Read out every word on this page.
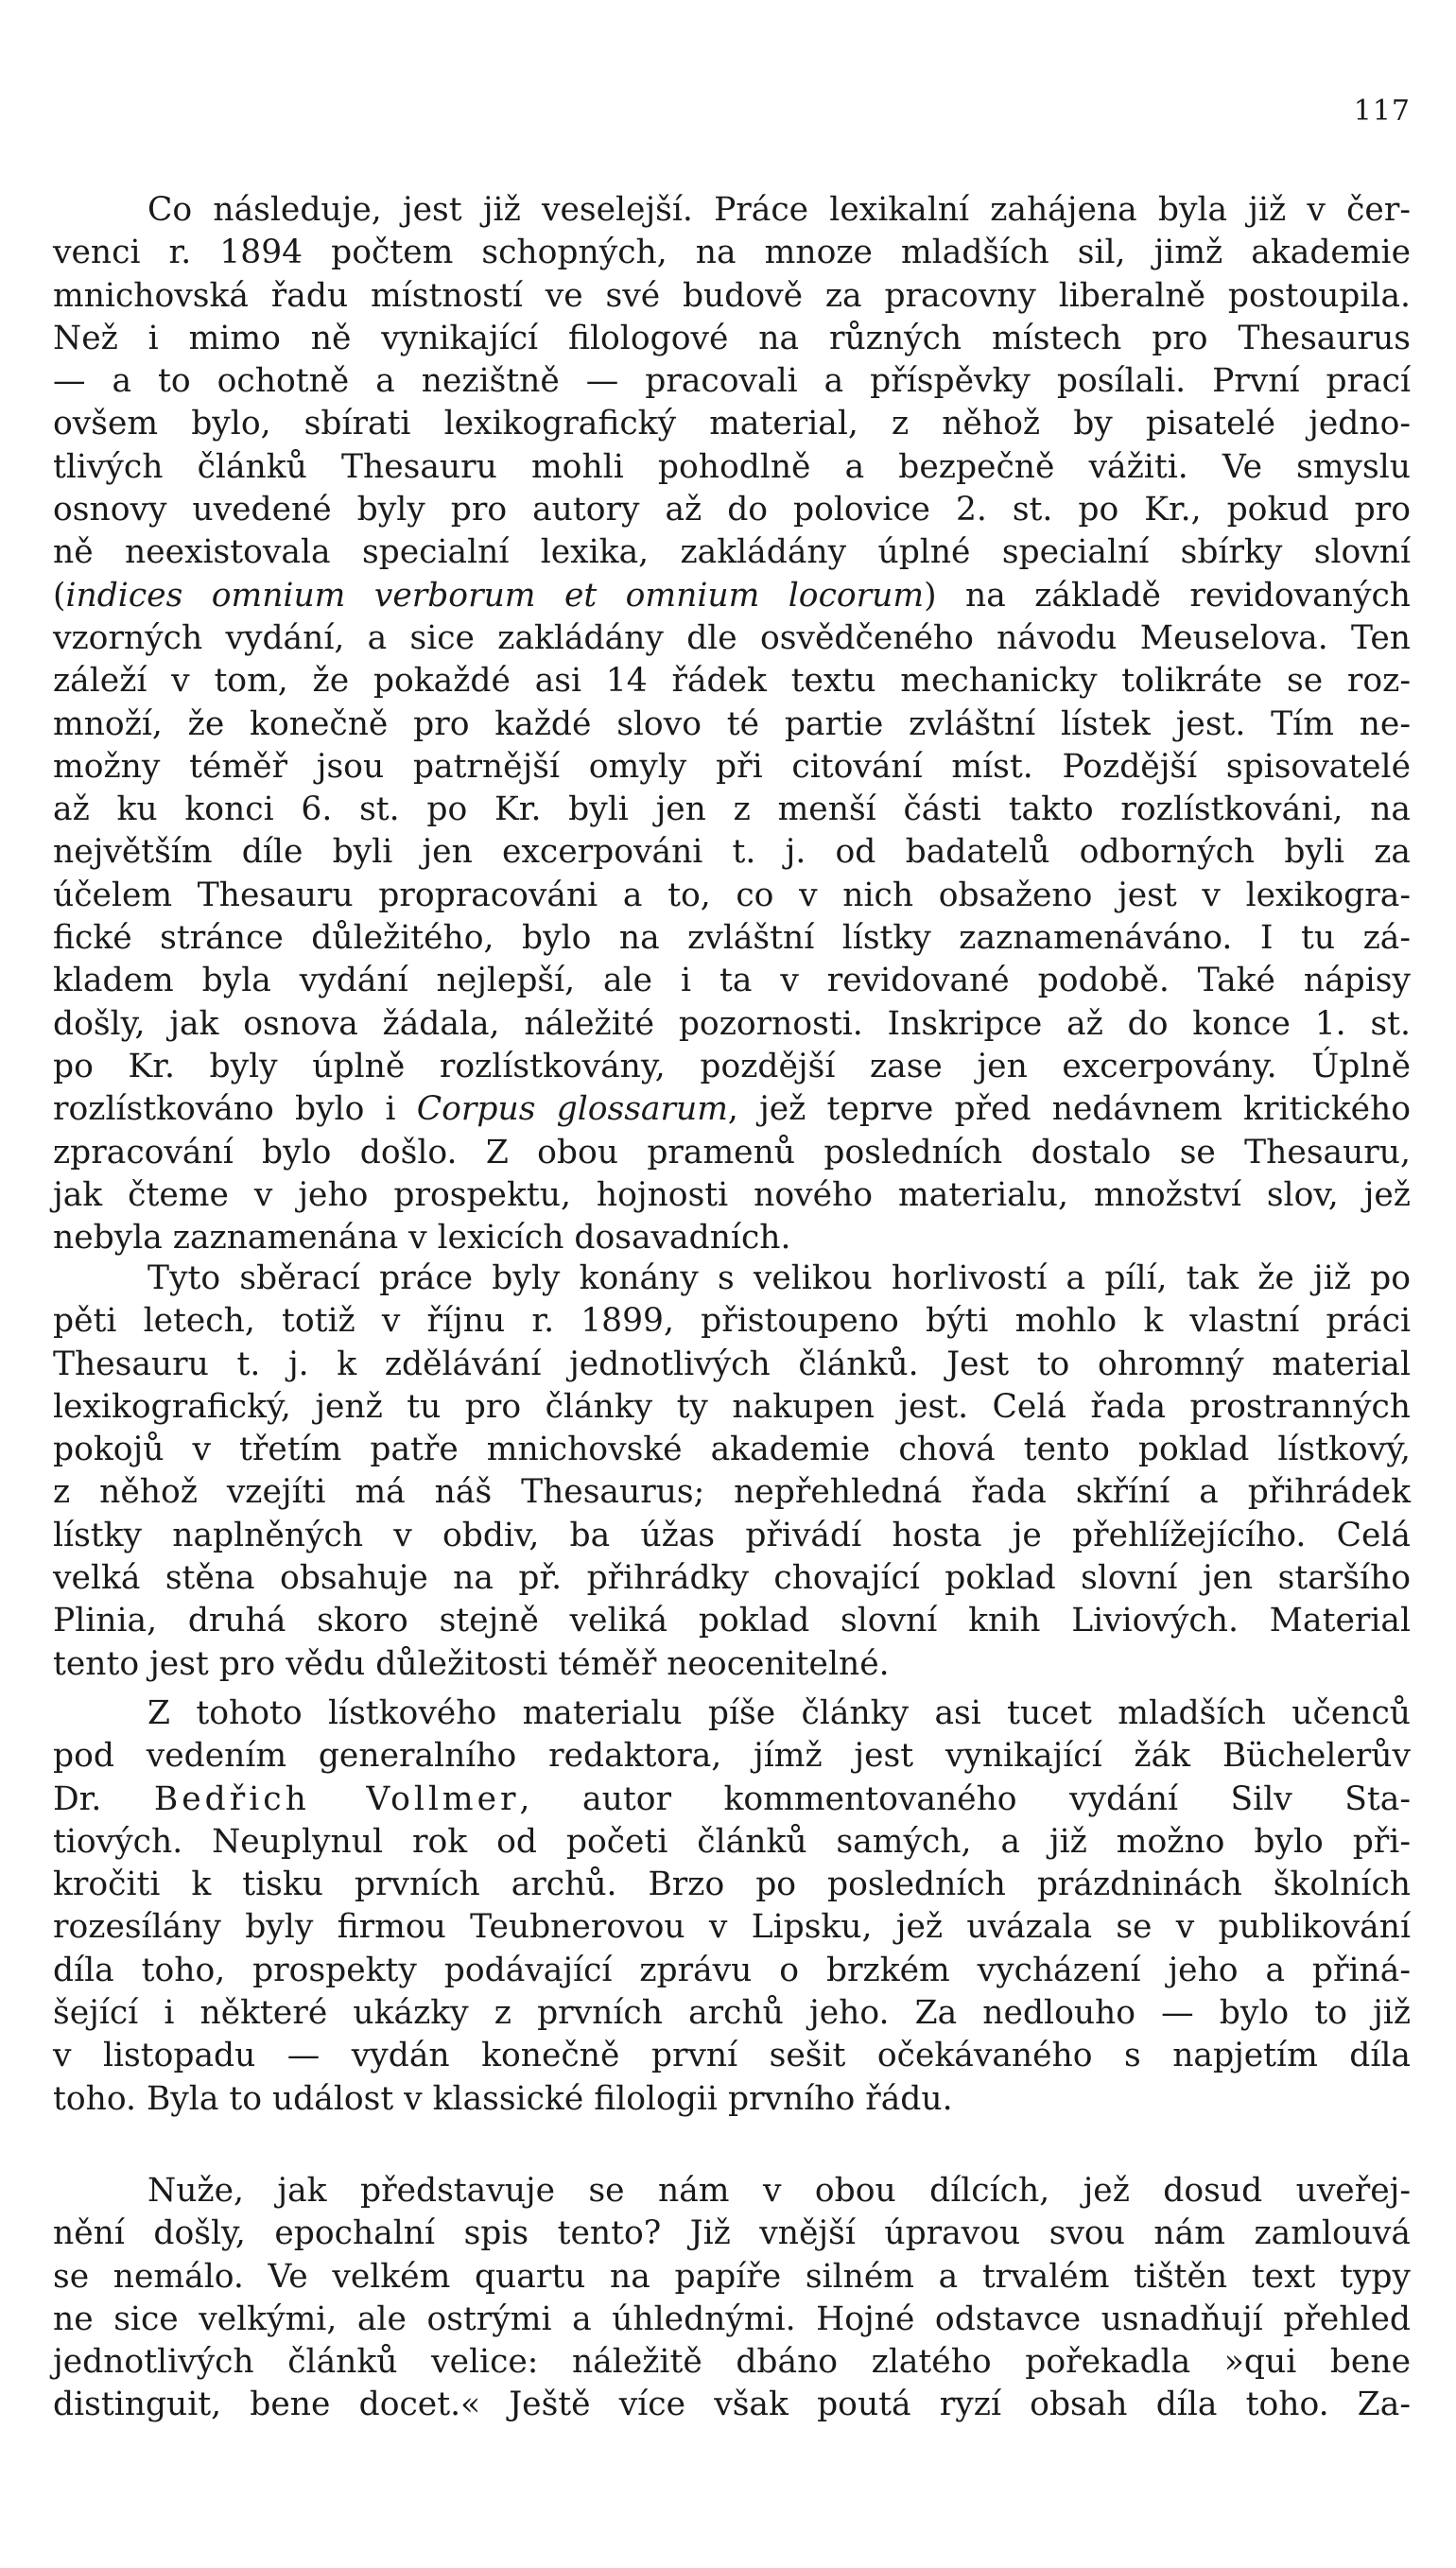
117
Co následuje, jest již veselejší. Práce lexikalní zahájena byla již v čer-
venci r. 1894 počtem schopných, na mnoze mladších sil, jimž akademie
mnichovská řadu místností ve své budově za pracovny liberalně postoupila.
Než i mimo ně vynikající filologové na různých místech pro Thesaurus
— a to ochotně a nezištně — pracovali a příspěvky posílali. První prací
ovšem bylo, sbírati lexikografický material, z něhož by pisatelé jedno-
tlivých článků Thesauru mohli pohodlně a bezpečně vážiti. Ve smyslu
osnovy uvedené byly pro autory až do polovice 2. st. po Kr., pokud pro
ně neexistovala specialní lexika, zakládány úplné specialní sbírky slovní
(indices omnium verborum et omnium locorum) na základě revidovaných
vzorných vydání, a sice zakládány dle osvědčeného návodu Meuselova. Ten
záleží v tom, že pokaždé asi 14 řádek textu mechanicky tolikráte se roz-
množí, že konečně pro každé slovo té partie zvláštní lístek jest. Tím ne-
možny téměř jsou patrnější omyly při citování míst. Pozdější spisovatelé
až ku konci 6. st. po Kr. byli jen z menší části takto rozlístkováni, na
největším díle byli jen excerpováni t. j. od badatelů odborných byli za
účelem Thesauru propracováni a to, co v nich obsaženo jest v lexikogra-
fické stránce důležitého, bylo na zvláštní lístky zaznamenáváno. I tu zá-
kladem byla vydání nejlepší, ale i ta v revidované podobě. Také nápisy
došly, jak osnova žádala, náležité pozornosti. Inskripce až do konce 1. st.
po Kr. byly úplně rozlístkovány, pozdější zase jen excerpovány. Úplně
rozlístkováno bylo i Corpus glossarum, jež teprve před nedávnem kritického
zpracování bylo došlo. Z obou pramenů posledních dostalo se Thesauru,
jak čteme v jeho prospektu, hojnosti nového materialu, množství slov, jež
nebyla zaznamenána v lexicích dosavadních.
Tyto sběrací práce byly konány s velikou horlivostí a pílí, tak že již po
pěti letech, totiž v říjnu r. 1899, přistoupeno býti mohlo k vlastní práci
Thesauru t. j. k zdělávání jednotlivých článků. Jest to ohromný material
lexikografický, jenž tu pro články ty nakupen jest. Celá řada prostranných
pokojů v třetím patře mnichovské akademie chová tento poklad lístkový,
z něhož vzejíti má náš Thesaurus; nepřehledná řada skříní a přihrádek
lístky naplněných v obdiv, ba úžas přivádí hosta je přehlížejícího. Celá
velká stěna obsahuje na př. přihrádky chovající poklad slovní jen staršího
Plinia, druhá skoro stejně veliká poklad slovní knih Liviových. Material
tento jest pro vědu důležitosti téměř neocenitelné.
Z tohoto lístkového materialu píše články asi tucet mladších učenců
pod vedením generalního redaktora, jímž jest vynikající žák Büchelerův
Dr. Bedřich Vollmer, autor kommentovaného vydání Silv Sta-
tiových. Neuplynul rok od početi článků samých, a již možno bylo při-
kročiti k tisku prvních archů. Brzo po posledních prázdninách školních
rozesílány byly firmou Teubnerovou v Lipsku, jež uvázala se v publikování
díla toho, prospekty podávající zprávu o brzkém vycházení jeho a přiná-
šející i některé ukázky z prvních archů jeho. Za nedlouho — bylo to již
v listopadu — vydán konečně první sešit očekávaného s napjetím díla
toho. Byla to událost v klassické filologii prvního řádu.
Nuže, jak představuje se nám v obou dílcích, jež dosud uveřej-
nění došly, epochalní spis tento? Již vnější úpravou svou nám zamlouvá
se nemálo. Ve velkém quartu na papíře silném a trvalém tištěn text typy
ne sice velkými, ale ostrými a úhlednými. Hojné odstavce usnadňují přehled
jednotlivých článků velice: náležitě dbáno zlatého pořekadla »qui bene
distinguit, bene docet.« Ještě více však poutá ryzí obsah díla toho. Za-
